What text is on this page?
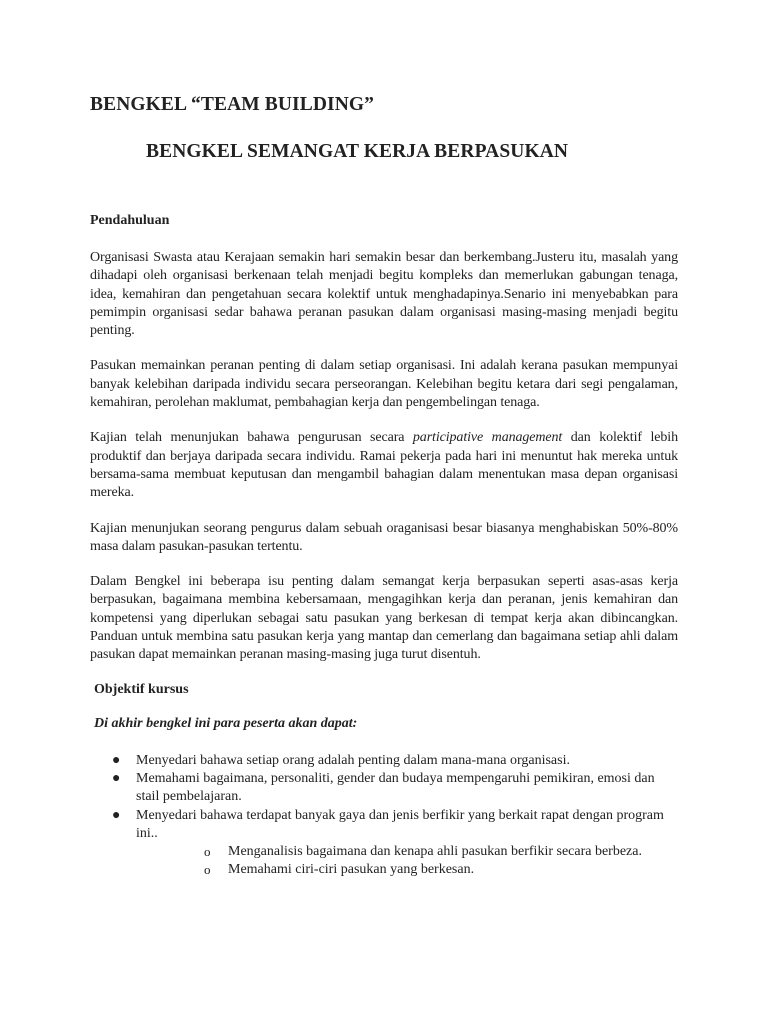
BENGKEL “TEAM BUILDING”
BENGKEL SEMANGAT KERJA BERPASUKAN
Pendahuluan

Organisasi Swasta atau Kerajaan semakin hari semakin besar dan berkembang.Justeru itu, masalah yang dihadapi oleh organisasi berkenaan telah menjadi begitu kompleks dan memerlukan gabungan tenaga, idea, kemahiran dan pengetahuan secara kolektif untuk menghadapinya.Senario ini menyebabkan para pemimpin organisasi sedar bahawa peranan pasukan dalam organisasi masing-masing menjadi begitu penting.

Pasukan memainkan peranan penting di dalam setiap organisasi. Ini adalah kerana pasukan mempunyai banyak kelebihan daripada individu secara perseorangan. Kelebihan begitu ketara dari segi pengalaman, kemahiran, perolehan maklumat, pembahagian kerja dan pengembelingan tenaga.

Kajian telah menunjukan bahawa pengurusan secara participative management dan kolektif lebih produktif dan berjaya daripada secara individu. Ramai pekerja pada hari ini menuntut hak mereka untuk bersama-sama membuat keputusan dan mengambil bahagian dalam menentukan masa depan organisasi mereka.

Kajian menunjukan seorang pengurus dalam sebuah oraganisasi besar biasanya menghabiskan 50%-80% masa dalam pasukan-pasukan tertentu.

Dalam Bengkel ini beberapa isu penting dalam semangat kerja berpasukan seperti asas-asas kerja berpasukan, bagaimana membina kebersamaan, mengagihkan kerja dan peranan, jenis kemahiran dan kompetensi yang diperlukan sebagai satu pasukan yang berkesan di tempat kerja akan dibincangkan. Panduan untuk membina satu pasukan kerja yang mantap dan cemerlang dan bagaimana setiap ahli dalam pasukan dapat memainkan peranan masing-masing juga turut disentuh.

Objektif kursus
Di akhir bengkel ini para peserta akan dapat:
● Menyedari bahawa setiap orang adalah penting dalam mana-mana organisasi.
● Memahami bagaimana, personaliti, gender dan budaya mempengaruhi pemikiran, emosi dan stail pembelajaran.
● Menyedari bahawa terdapat banyak gaya dan jenis berfikir yang berkait rapat dengan program ini..
o Menganalisis bagaimana dan kenapa ahli pasukan berfikir secara berbeza.
o Memahami ciri-ciri pasukan yang berkesan.
